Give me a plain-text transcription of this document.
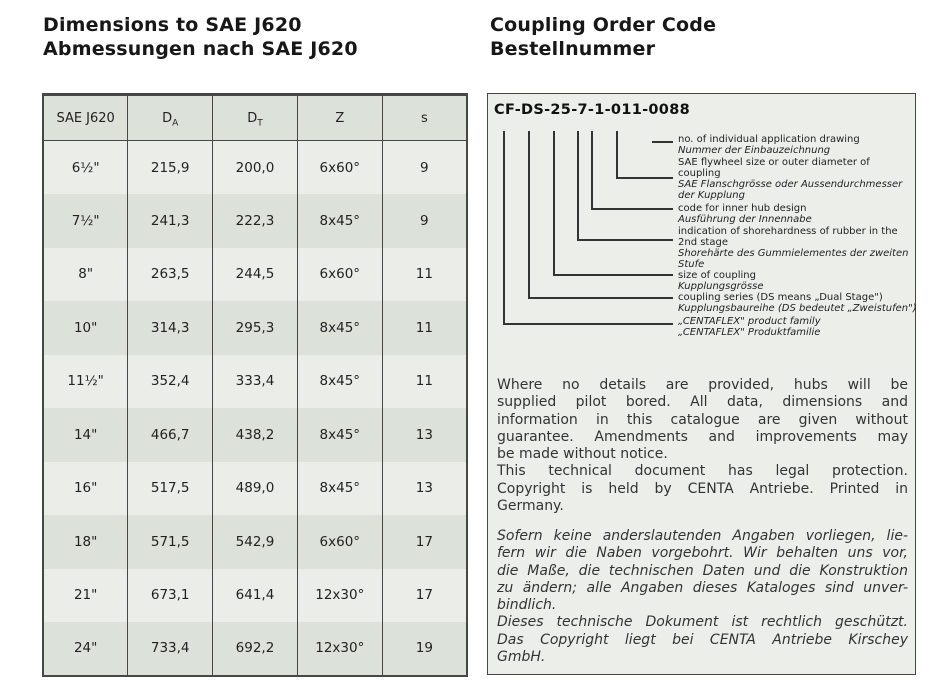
Dimensions to SAE J620
Abmessungen nach SAE J620
SAE J620	$D_A$	$D_T$	Z	s
6½"	215,9	200,0	6x60°	9
7½"	241,3	222,3	8x45°	9
8"	263,5	244,5	6x60°	11
10"	314,3	295,3	8x45°	11
11½"	352,4	333,4	8x45°	11
14"	466,7	438,2	8x45°	13
16"	517,5	489,0	8x45°	13
18"	571,5	542,9	6x60°	17
21"	673,1	641,4	12x30°	17
24"	733,4	692,2	12x30°	19
Coupling Order Code
Bestellnummer
CF-DS-25-7-1-011-0088
no. of individual application drawing
Nummer der Einbauzeichnung
SAE flywheel size or outer diameter of
coupling
SAE Flanschgrösse oder Aussendurchmesser
der Kupplung
code for inner hub design
Ausführung der Innennabe
indication of shorehardness of rubber in the
2nd stage
Shorehärte des Gummielementes der zweiten
Stufe
size of coupling
Kupplungsgrösse
coupling series (DS means „Dual Stage")
Kupplungsbaureihe (DS bedeutet „Zweistufen")
„CENTAFLEX" product family
„CENTAFLEX" Produktfamilie
Where no details are provided, hubs will be
supplied pilot bored. All data, dimensions and
information in this catalogue are given without
guarantee. Amendments and improvements may
be made without notice.
This technical document has legal protection.
Copyright is held by CENTA Antriebe. Printed in
Germany.
Sofern keine anderslautenden Angaben vorliegen, lie-
fern wir die Naben vorgebohrt. Wir behalten uns vor,
die Maße, die technischen Daten und die Konstruktion
zu ändern; alle Angaben dieses Kataloges sind unver-
bindlich.
Dieses technische Dokument ist rechtlich geschützt.
Das Copyright liegt bei CENTA Antriebe Kirschey
GmbH.
